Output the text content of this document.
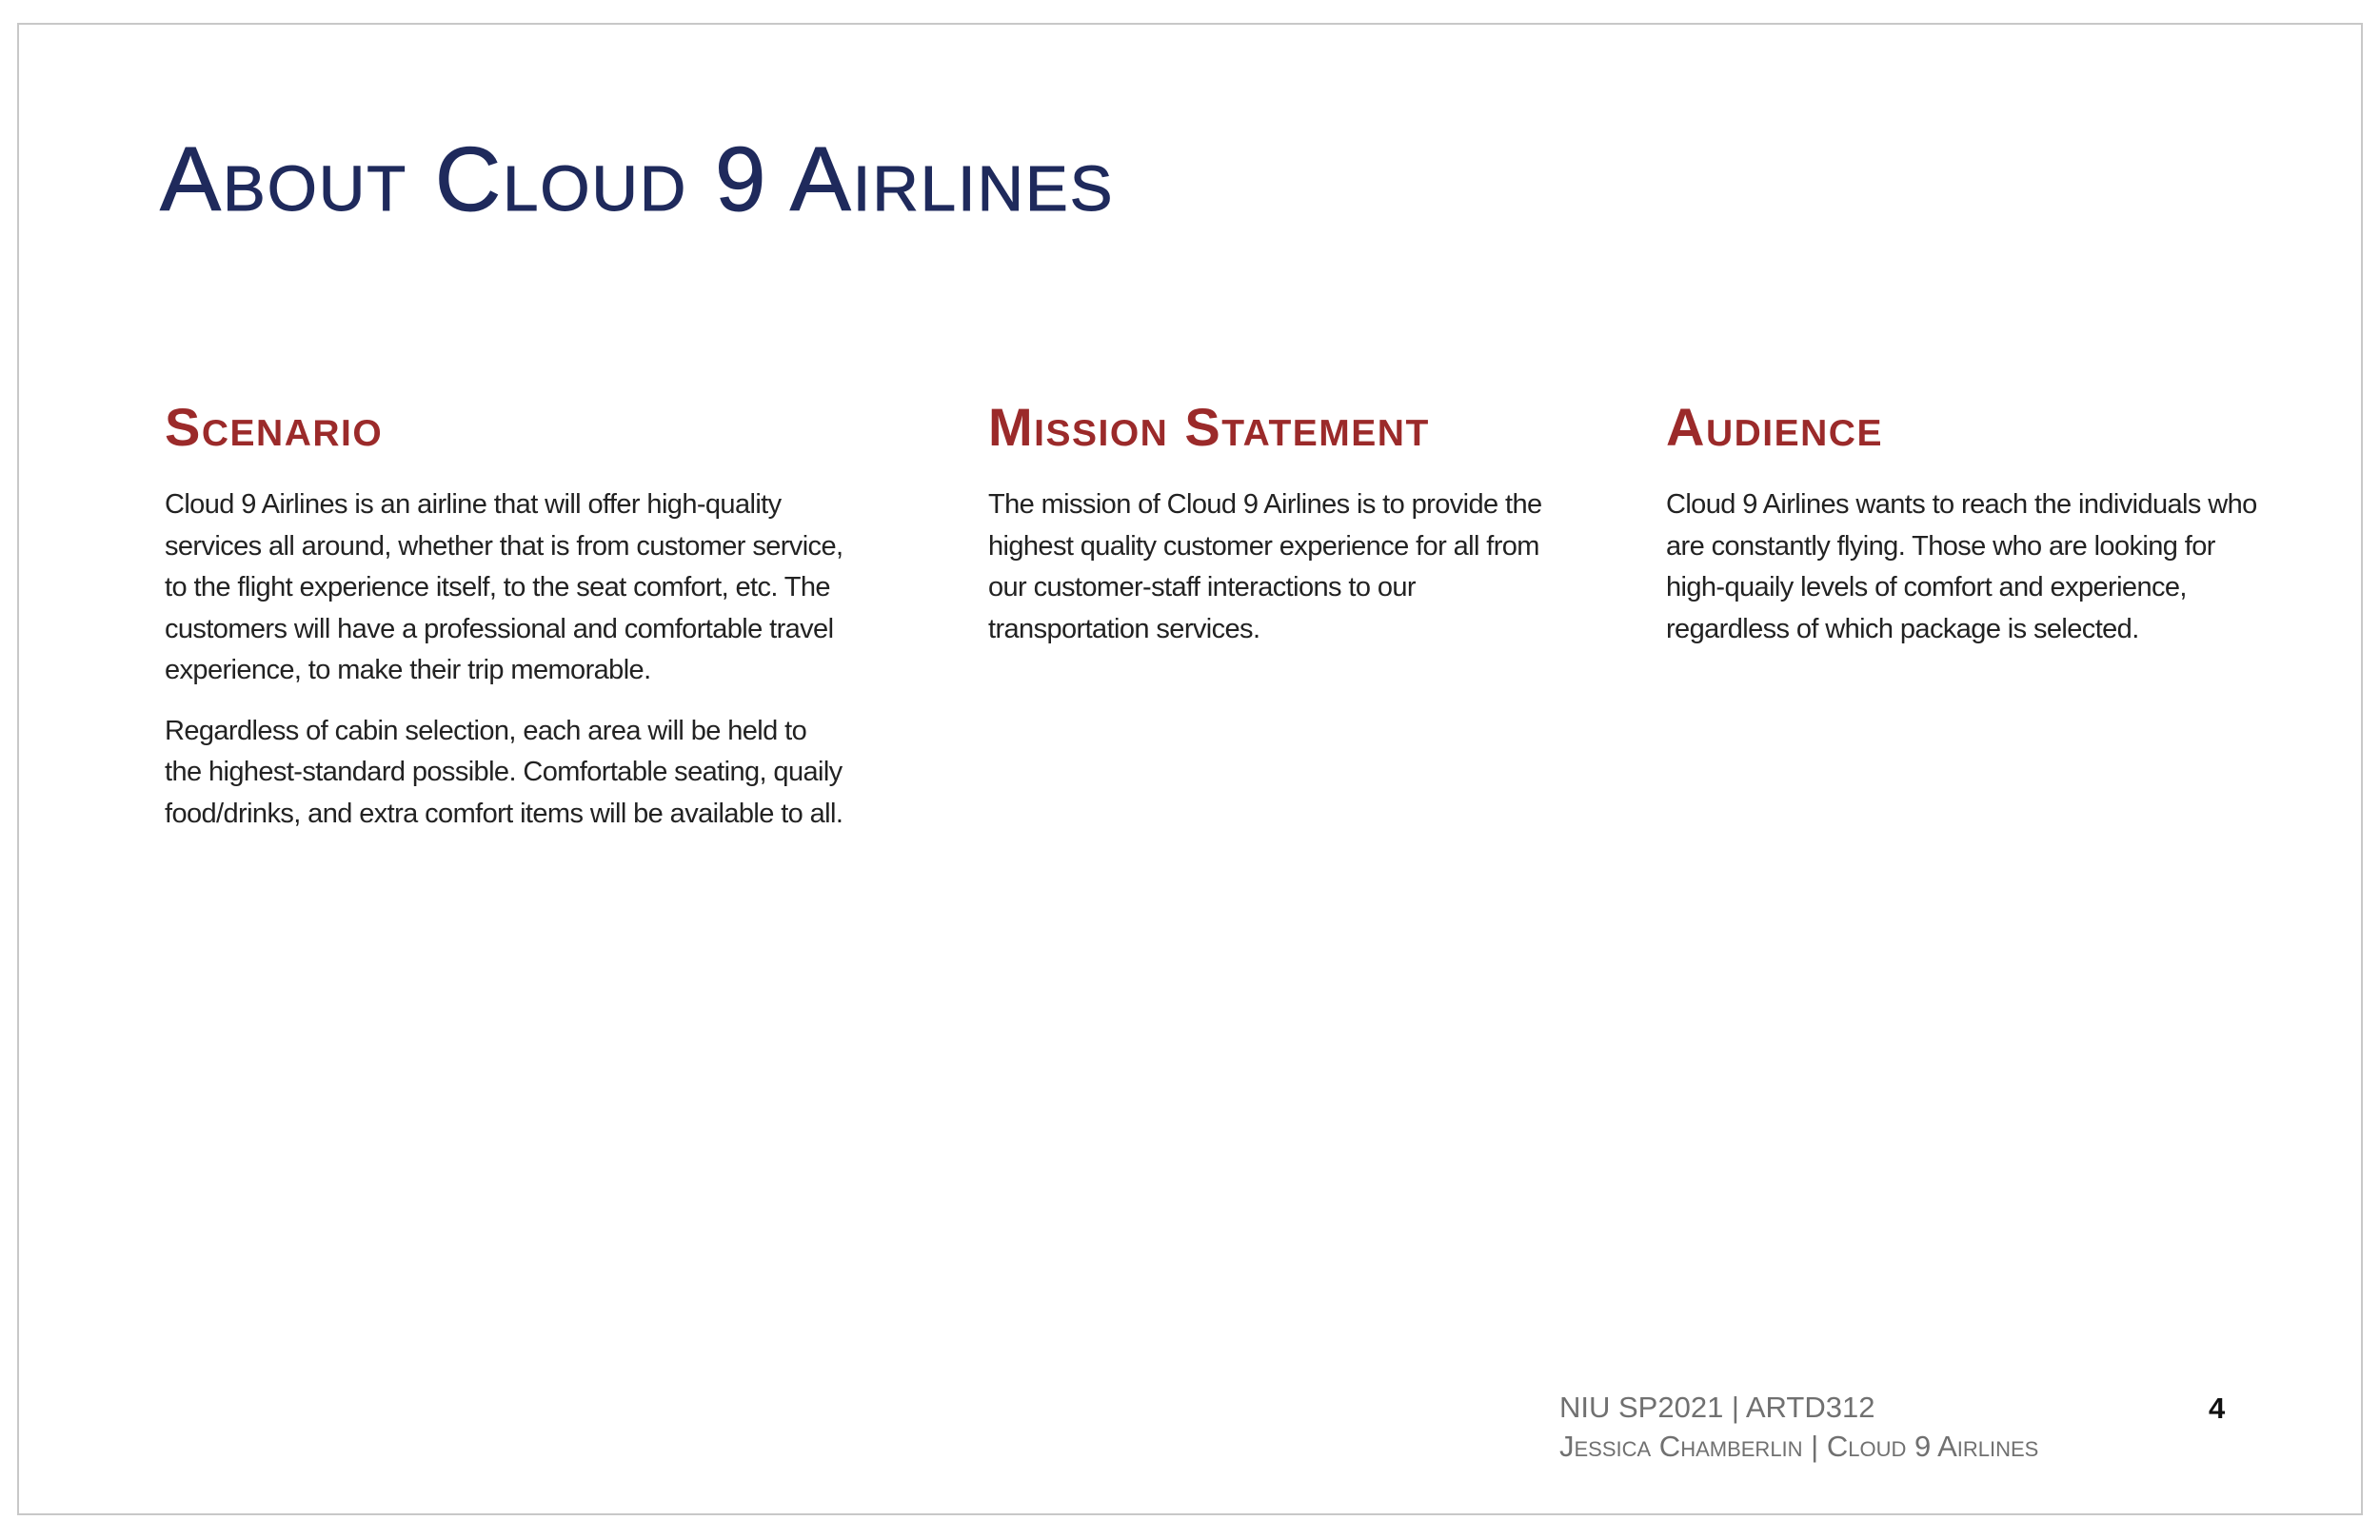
About Cloud 9 Airlines
Scenario

Cloud 9 Airlines is an airline that will offer high-quality services all around, whether that is from customer service, to the flight experience itself, to the seat comfort, etc. The customers will have a professional and comfortable travel experience, to make their trip memorable.

Regardless of cabin selection, each area will be held to the highest-standard possible. Comfortable seating, quaily food/drinks, and extra comfort items will be available to all.

Mission Statement

The mission of Cloud 9 Airlines is to provide the highest quality customer experience for all from our customer-staff interactions to our transportation services.

Audience

Cloud 9 Airlines wants to reach the individuals who are constantly flying. Those who are looking for high-quaily levels of comfort and experience, regardless of which package is selected.

NIU SP2021 | ARTD312
Jessica Chamberlin | Cloud 9 Airlines
4
